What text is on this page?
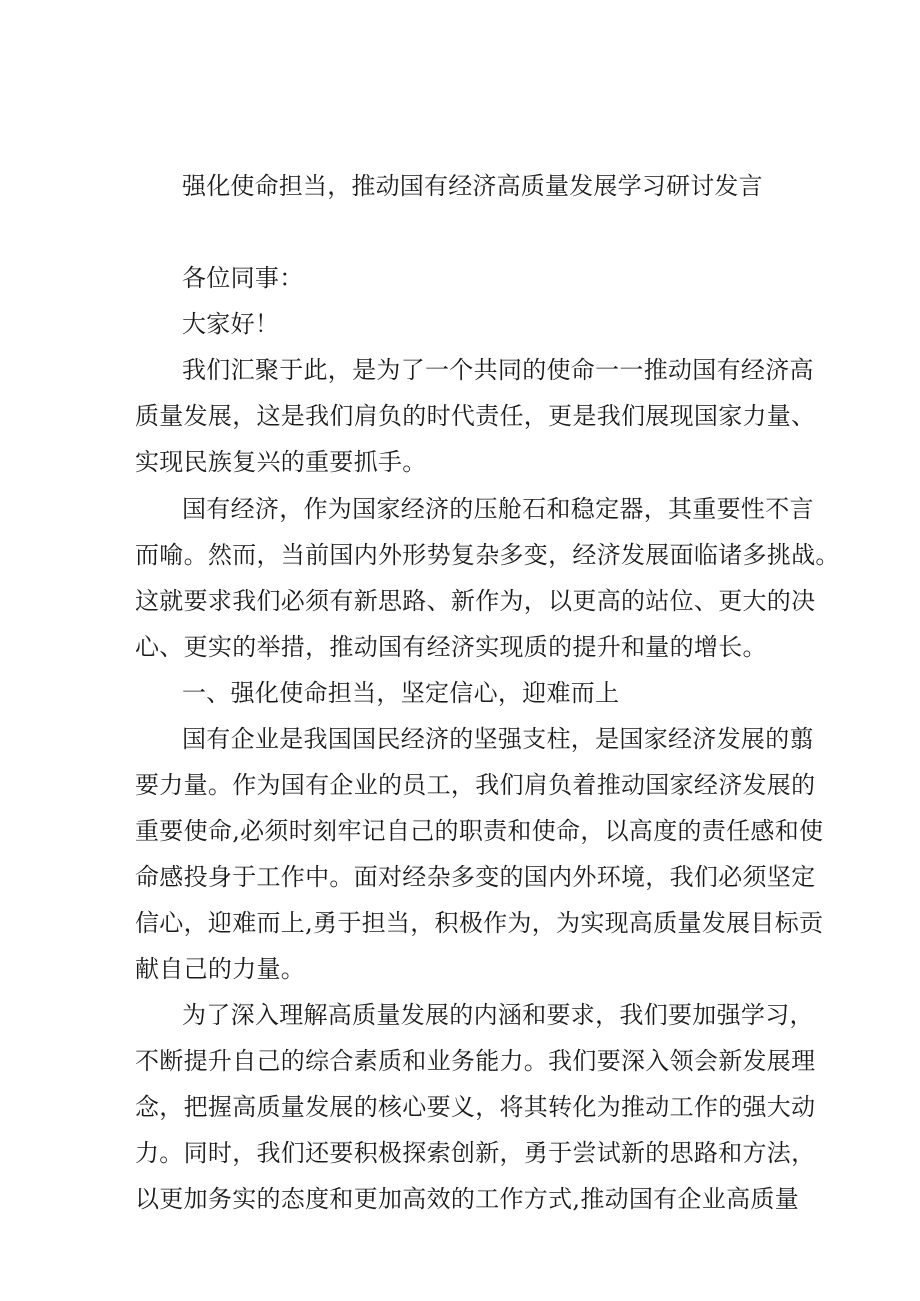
强化使命担当，推动国有经济高质量发展学习研讨发言
各位同事：
大家好！
我们汇聚于此，是为了一个共同的使命一一推动国有经济高
质量发展，这是我们肩负的时代责任，更是我们展现国家力量、
实现民族复兴的重要抓手。
国有经济，作为国家经济的压舱石和稳定器，其重要性不言
而喻。然而，当前国内外形势复杂多变，经济发展面临诸多挑战。
这就要求我们必须有新思路、新作为，以更高的站位、更大的决
心、更实的举措，推动国有经济实现质的提升和量的增长。
一、强化使命担当，坚定信心，迎难而上
国有企业是我国国民经济的坚强支柱，是国家经济发展的翦
要力量。作为国有企业的员工，我们肩负着推动国家经济发展的
重要使命,必须时刻牢记自己的职责和使命，以高度的责任感和使
命感投身于工作中。面对经杂多变的国内外环境，我们必须坚定
信心，迎难而上,勇于担当，积极作为，为实现高质量发展目标贡
献自己的力量。
为了深入理解高质量发展的内涵和要求，我们要加强学习，
不断提升自己的综合素质和业务能力。我们要深入领会新发展理
念，把握高质量发展的核心要义，将其转化为推动工作的强大动
力。同时，我们还要积极探索创新，勇于尝试新的思路和方法，
以更加务实的态度和更加高效的工作方式,推动国有企业高质量
